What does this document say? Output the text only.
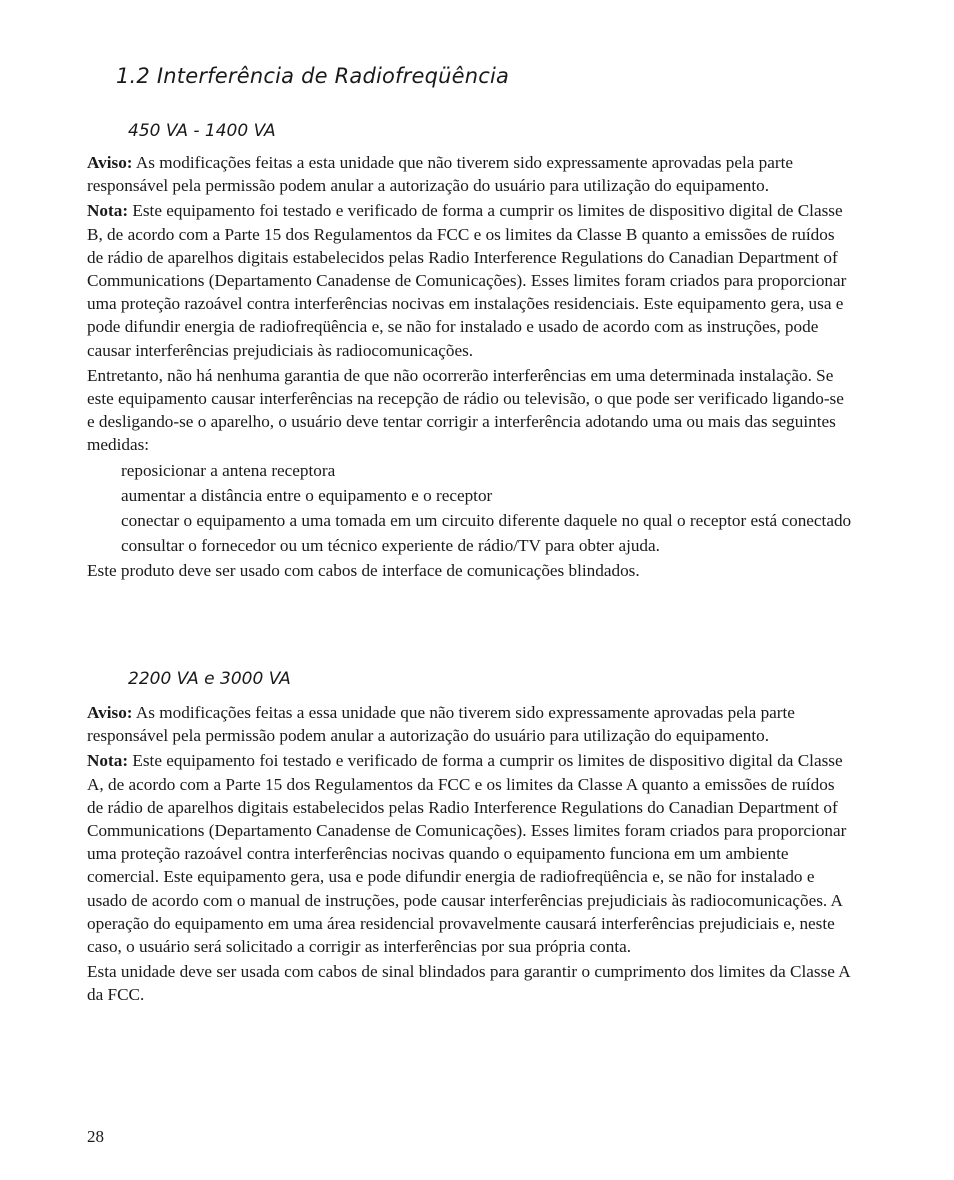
1.2 Interferência de Radiofreqüência
450 VA - 1400 VA

Aviso: As modificações feitas a esta unidade que não tiverem sido expressamente aprovadas pela parte responsável pela permissão podem anular a autorização do usuário para utilização do equipamento.

Nota: Este equipamento foi testado e verificado de forma a cumprir os limites de dispositivo digital de Classe B, de acordo com a Parte 15 dos Regulamentos da FCC e os limites da Classe B quanto a emissões de ruídos de rádio de aparelhos digitais estabelecidos pelas Radio Interference Regulations do Canadian Department of Communications (Departamento Canadense de Comunicações). Esses limites foram criados para proporcionar uma proteção razoável contra interferências nocivas em instalações residenciais. Este equipamento gera, usa e pode difundir energia de radiofreqüência e, se não for instalado e usado de acordo com as instruções, pode causar interferências prejudiciais às radiocomunicações.

Entretanto, não há nenhuma garantia de que não ocorrerão interferências em uma determinada instalação. Se este equipamento causar interferências na recepção de rádio ou televisão, o que pode ser verificado ligando-se e desligando-se o aparelho, o usuário deve tentar corrigir a interferência adotando uma ou mais das seguintes medidas:

reposicionar a antena receptora

aumentar a distância entre o equipamento e o receptor

conectar o equipamento a uma tomada em um circuito diferente daquele no qual o receptor está conectado

consultar o fornecedor ou um técnico experiente de rádio/TV para obter ajuda.

Este produto deve ser usado com cabos de interface de comunicações blindados.

2200 VA e 3000 VA

Aviso: As modificações feitas a essa unidade que não tiverem sido expressamente aprovadas pela parte responsável pela permissão podem anular a autorização do usuário para utilização do equipamento.

Nota: Este equipamento foi testado e verificado de forma a cumprir os limites de dispositivo digital da Classe A, de acordo com a Parte 15 dos Regulamentos da FCC e os limites da Classe A quanto a emissões de ruídos de rádio de aparelhos digitais estabelecidos pelas Radio Interference Regulations do Canadian Department of Communications (Departamento Canadense de Comunicações). Esses limites foram criados para proporcionar uma proteção razoável contra interferências nocivas quando o equipamento funciona em um ambiente comercial. Este equipamento gera, usa e pode difundir energia de radiofreqüência e, se não for instalado e usado de acordo com o manual de instruções, pode causar interferências prejudiciais às radiocomunicações. A operação do equipamento em uma área residencial provavelmente causará interferências prejudiciais e, neste caso, o usuário será solicitado a corrigir as interferências por sua própria conta.

Esta unidade deve ser usada com cabos de sinal blindados para garantir o cumprimento dos limites da Classe A da FCC.

28
